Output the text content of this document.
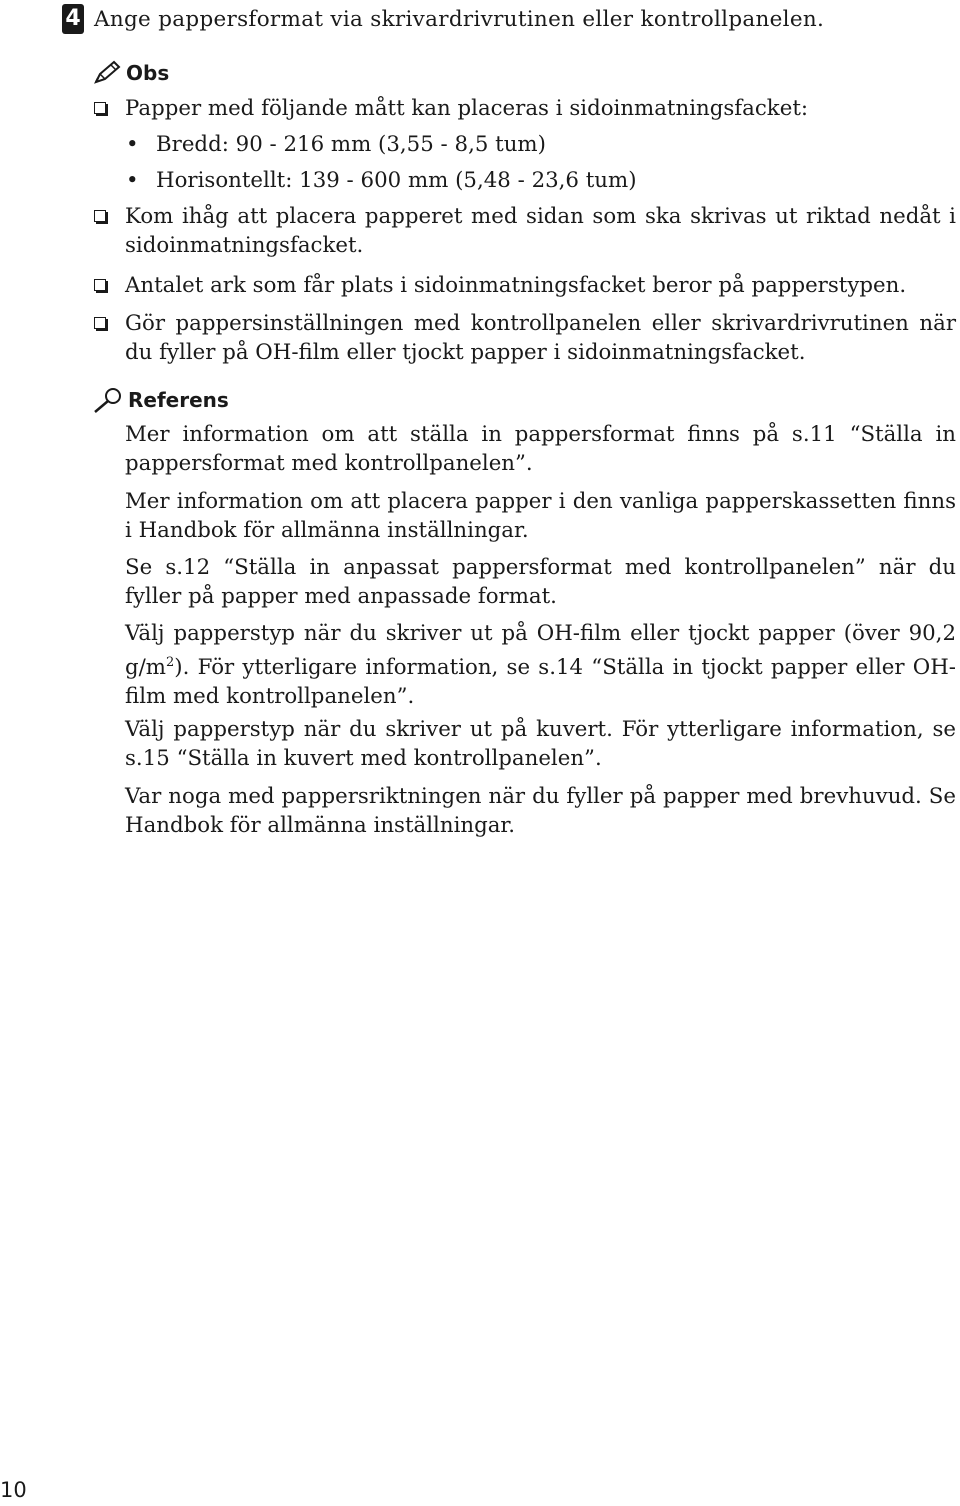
4 Ange pappersformat via skrivardrivrutinen eller kontrollpanelen.
Obs
Papper med följande mått kan placeras i sidoinmatningsfacket:
• Bredd: 90 - 216 mm (3,55 - 8,5 tum)
• Horisontellt: 139 - 600 mm (5,48 - 23,6 tum)
Kom ihåg att placera papperet med sidan som ska skrivas ut riktad nedåt i sidoinmatningsfacket.
Antalet ark som får plats i sidoinmatningsfacket beror på papperstypen.
Gör pappersinställningen med kontrollpanelen eller skrivardrivrutinen när du fyller på OH-film eller tjockt papper i sidoinmatningsfacket.
Referens
Mer information om att ställa in pappersformat finns på s.11 “Ställa in pappersformat med kontrollpanelen”.
Mer information om att placera papper i den vanliga papperskassetten finns i Handbok för allmänna inställningar.
Se s.12 “Ställa in anpassat pappersformat med kontrollpanelen” när du fyller på papper med anpassade format.
Välj papperstyp när du skriver ut på OH-film eller tjockt papper (över 90,2 $g/m^2$). För ytterligare information, se s.14 “Ställa in tjockt papper eller OH-film med kontrollpanelen”.
Välj papperstyp när du skriver ut på kuvert. För ytterligare information, se s.15 “Ställa in kuvert med kontrollpanelen”.
Var noga med pappersriktningen när du fyller på papper med brevhuvud. Se Handbok för allmänna inställningar.
10
